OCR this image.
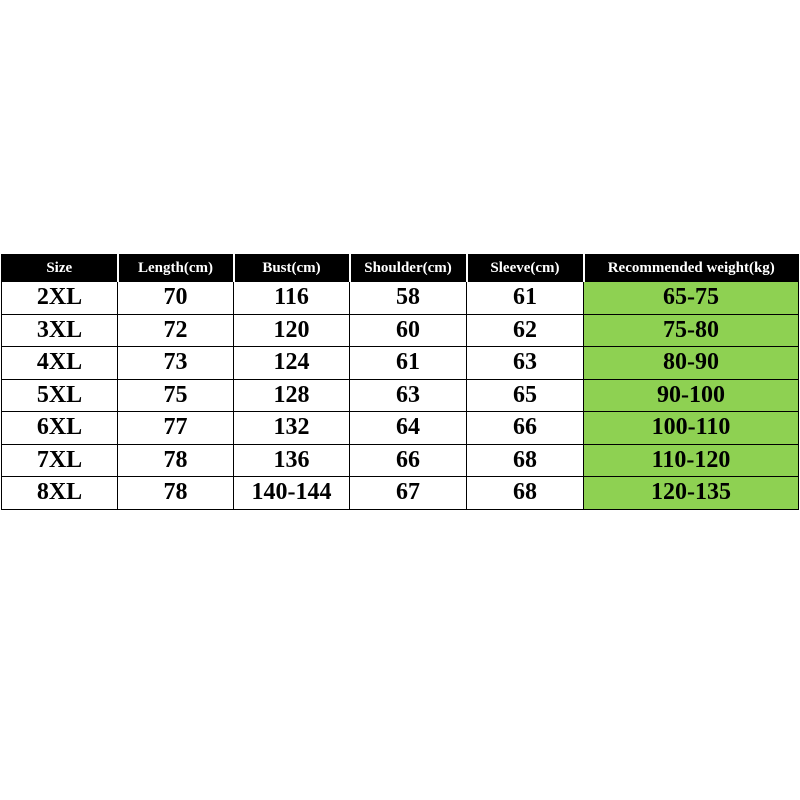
Size	Length(cm)	Bust(cm)	Shoulder(cm)	Sleeve(cm)	Recommended weight(kg)
2XL	70	116	58	61	65-75
3XL	72	120	60	62	75-80
4XL	73	124	61	63	80-90
5XL	75	128	63	65	90-100
6XL	77	132	64	66	100-110
7XL	78	136	66	68	110-120
8XL	78	140-144	67	68	120-135
